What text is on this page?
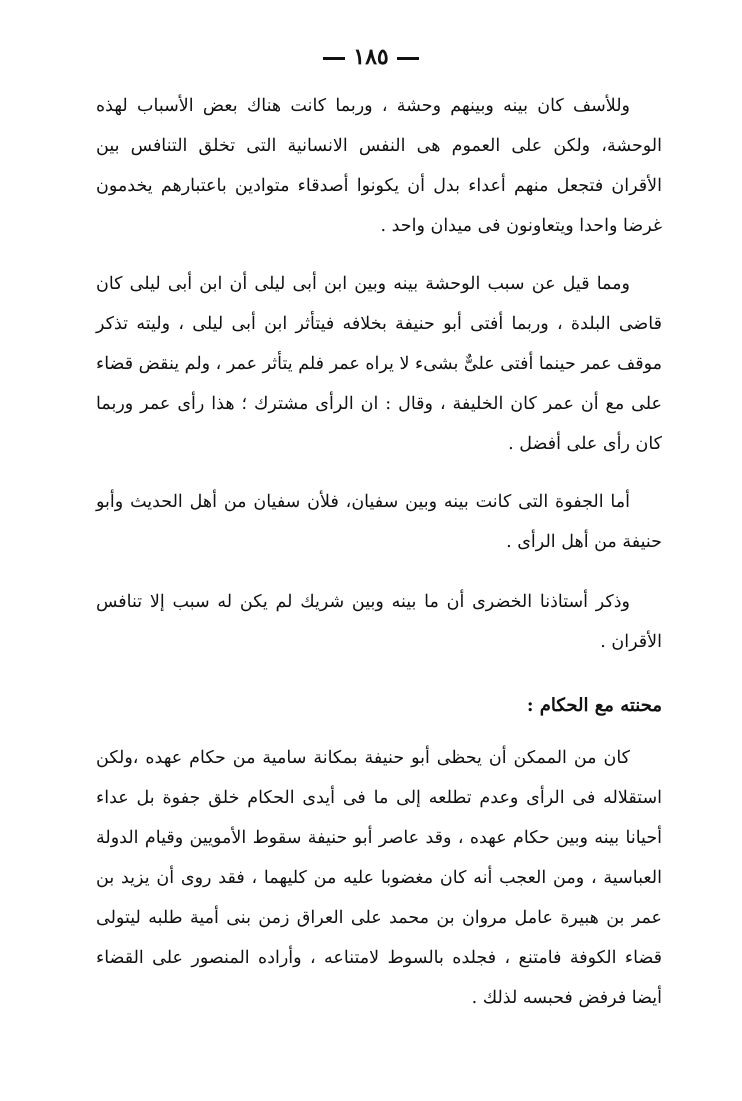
١٨٥

وللأسف كان بينه وبينهم وحشة ، وربما كانت هناك بعض الأسباب لهذه الوحشة، ولكن على العموم هى النفس الانسانية التى تخلق التنافس بين الأقران فتجعل منهم أعداء بدل أن يكونوا أصدقاء متوادين باعتبارهم يخدمون غرضا واحدا ويتعاونون فى ميدان واحد .

ومما قيل عن سبب الوحشة بينه وبين ابن أبى ليلى أن ابن أبى ليلى كان قاضى البلدة ، وربما أفتى أبو حنيفة بخلافه فيتأثر ابن أبى ليلى ، وليته تذكر موقف عمر حينما أفتى علىٌّ بشىء لا يراه عمر فلم يتأثر عمر ، ولم ينقض قضاء على مع أن عمر كان الخليفة ، وقال : ان الرأى مشترك ؛ هذا رأى عمر وربما كان رأى على أفضل .

أما الجفوة التى كانت بينه وبين سفيان، فلأن سفيان من أهل الحديث وأبو حنيفة من أهل الرأى .

وذكر أستاذنا الخضرى أن ما بينه وبين شريك لم يكن له سبب إلا تنافس الأقران .

محنته مع الحكام :

كان من الممكن أن يحظى أبو حنيفة بمكانة سامية من حكام عهده ،ولكن استقلاله فى الرأى وعدم تطلعه إلى ما فى أيدى الحكام خلق جفوة بل عداء أحيانا بينه وبين حكام عهده ، وقد عاصر أبو حنيفة سقوط الأمويين وقيام الدولة العباسية ، ومن العجب أنه كان مغضوبا عليه من كليهما ، فقد روى أن يزيد بن عمر بن هبيرة عامل مروان بن محمد على العراق زمن بنى أمية طلبه ليتولى قضاء الكوفة فامتنع ، فجلده بالسوط لامتناعه ، وأراده المنصور على القضاء أيضا فرفض فحبسه لذلك .
